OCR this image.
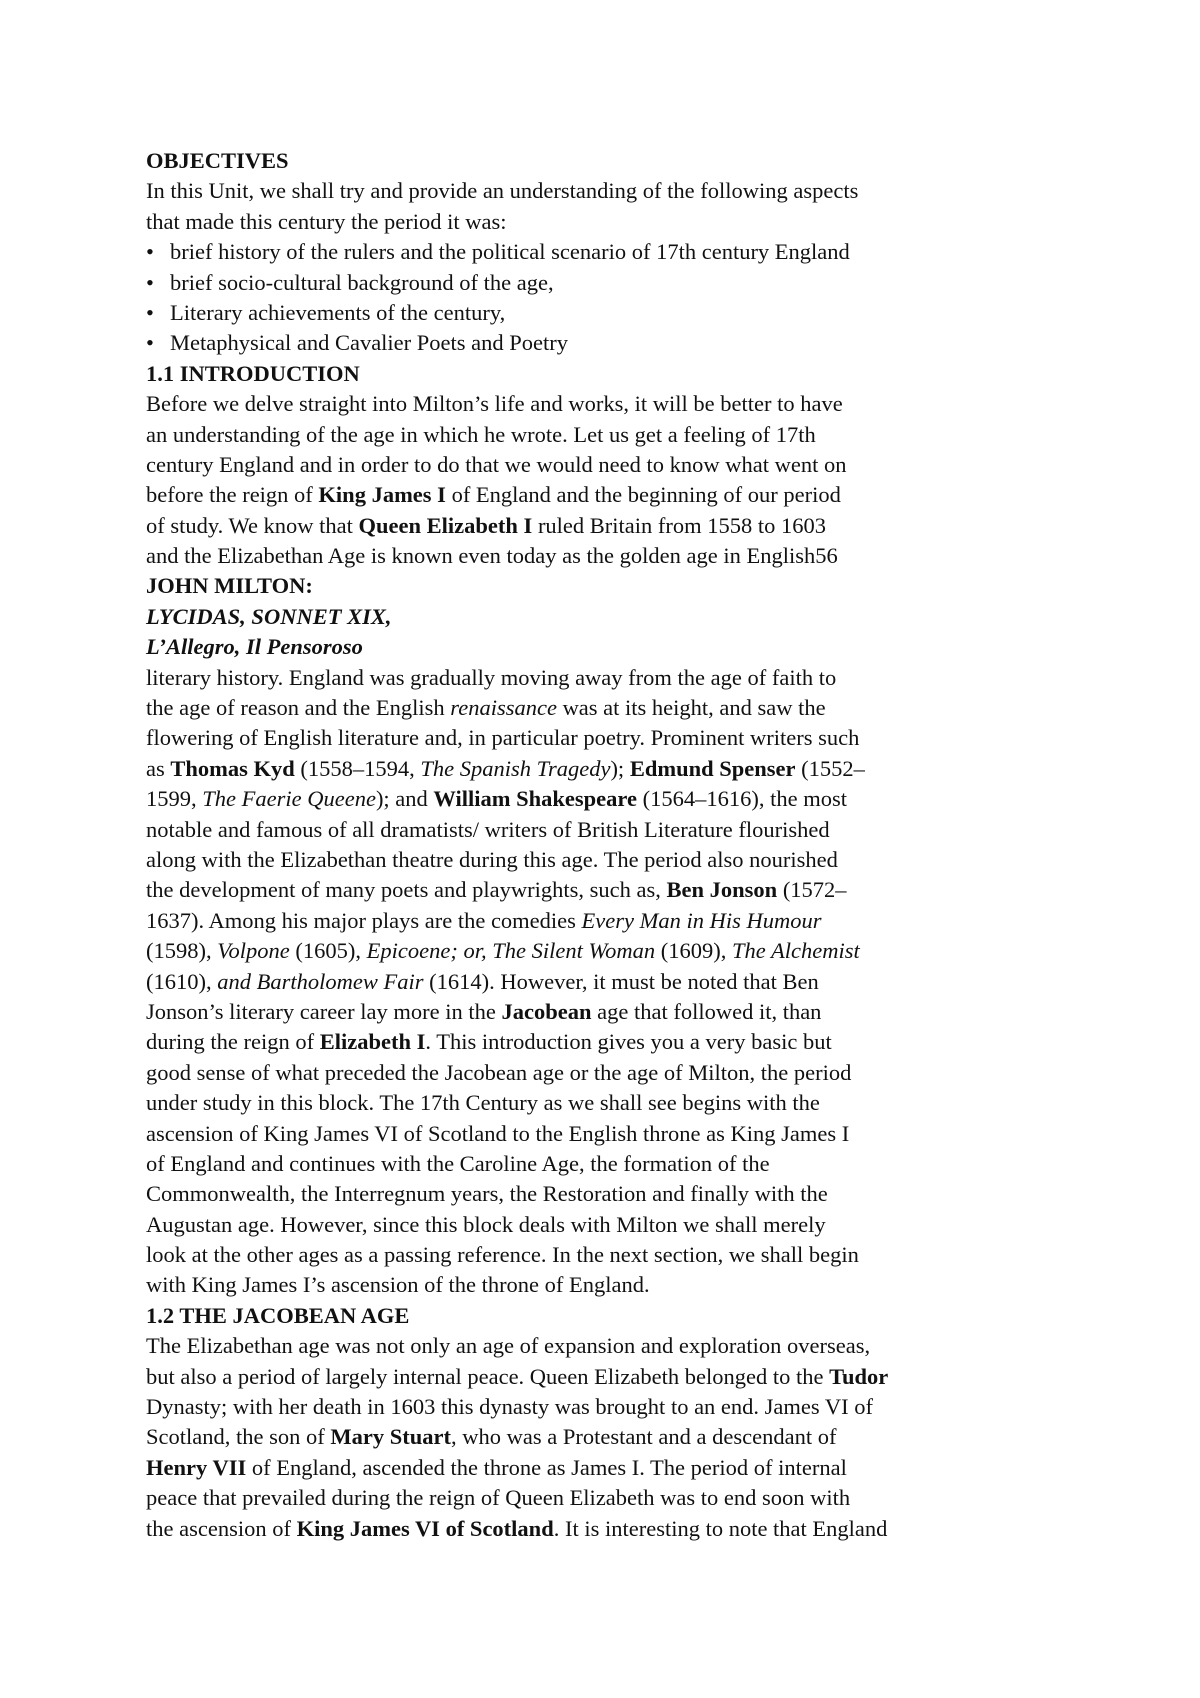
OBJECTIVES
In this Unit, we shall try and provide an understanding of the following aspects
that made this century the period it was:
• brief history of the rulers and the political scenario of 17th century England
• brief socio-cultural background of the age,
• Literary achievements of the century,
• Metaphysical and Cavalier Poets and Poetry
1.1 INTRODUCTION
Before we delve straight into Milton’s life and works, it will be better to have
an understanding of the age in which he wrote. Let us get a feeling of 17th
century England and in order to do that we would need to know what went on
before the reign of King James I of England and the beginning of our period
of study. We know that Queen Elizabeth I ruled Britain from 1558 to 1603
and the Elizabethan Age is known even today as the golden age in English56
JOHN MILTON:
LYCIDAS, SONNET XIX,
L’Allegro, Il Pensoroso
literary history. England was gradually moving away from the age of faith to
the age of reason and the English renaissance was at its height, and saw the
flowering of English literature and, in particular poetry. Prominent writers such
as Thomas Kyd (1558–1594, The Spanish Tragedy); Edmund Spenser (1552–
1599, The Faerie Queene); and William Shakespeare (1564–1616), the most
notable and famous of all dramatists/ writers of British Literature flourished
along with the Elizabethan theatre during this age. The period also nourished
the development of many poets and playwrights, such as, Ben Jonson (1572–
1637). Among his major plays are the comedies Every Man in His Humour
(1598), Volpone (1605), Epicoene; or, The Silent Woman (1609), The Alchemist
(1610), and Bartholomew Fair (1614). However, it must be noted that Ben
Jonson’s literary career lay more in the Jacobean age that followed it, than
during the reign of Elizabeth I. This introduction gives you a very basic but
good sense of what preceded the Jacobean age or the age of Milton, the period
under study in this block. The 17th Century as we shall see begins with the
ascension of King James VI of Scotland to the English throne as King James I
of England and continues with the Caroline Age, the formation of the
Commonwealth, the Interregnum years, the Restoration and finally with the
Augustan age. However, since this block deals with Milton we shall merely
look at the other ages as a passing reference. In the next section, we shall begin
with King James I’s ascension of the throne of England.
1.2 THE JACOBEAN AGE
The Elizabethan age was not only an age of expansion and exploration overseas,
but also a period of largely internal peace. Queen Elizabeth belonged to the Tudor
Dynasty; with her death in 1603 this dynasty was brought to an end. James VI of
Scotland, the son of Mary Stuart, who was a Protestant and a descendant of
Henry VII of England, ascended the throne as James I. The period of internal
peace that prevailed during the reign of Queen Elizabeth was to end soon with
the ascension of King James VI of Scotland. It is interesting to note that England
